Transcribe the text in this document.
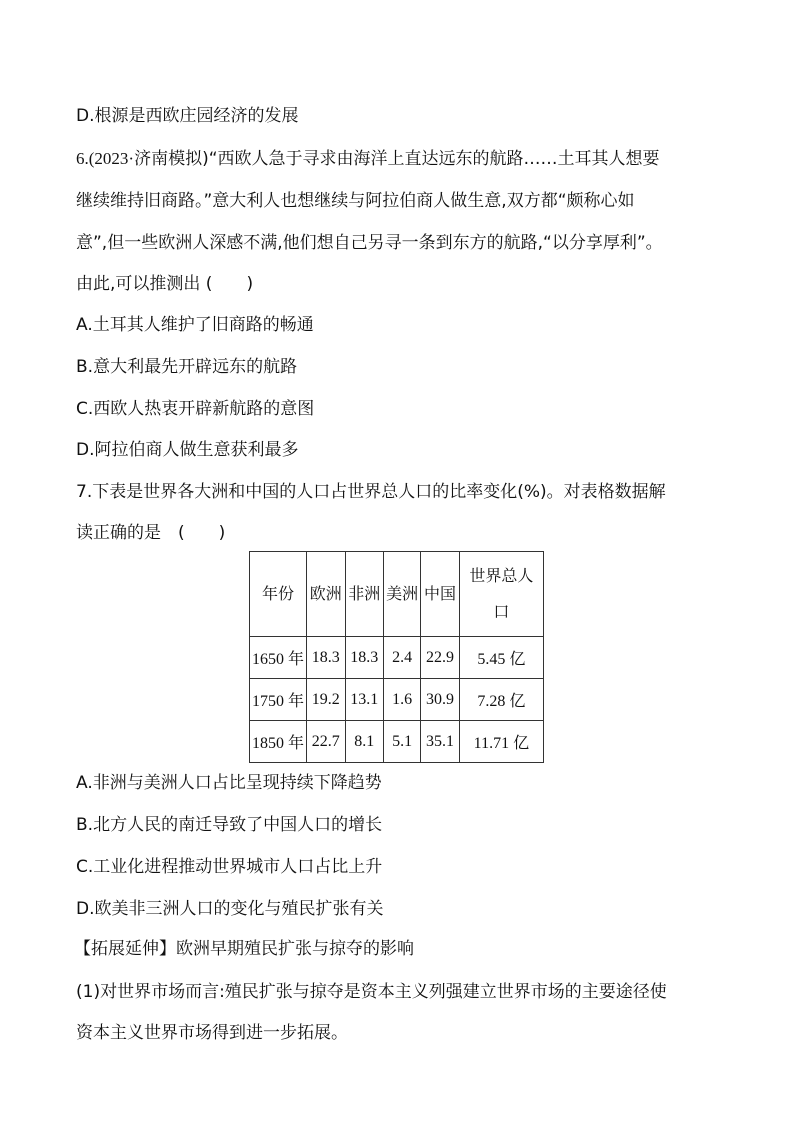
D.根源是西欧庄园经济的发展
6.(2023·济南模拟)“西欧人急于寻求由海洋上直达远东的航路……土耳其人想要
继续维持旧商路。”意大利人也想继续与阿拉伯商人做生意,双方都“颇称心如
意”,但一些欧洲人深感不满,他们想自己另寻一条到东方的航路,“以分享厚利”。
由此,可以推测出 (　　)
A.土耳其人维护了旧商路的畅通
B.意大利最先开辟远东的航路
C.西欧人热衷开辟新航路的意图
D.阿拉伯商人做生意获利最多
7.下表是世界各大洲和中国的人口占世界总人口的比率变化(%)。对表格数据解
读正确的是　(　　)
年份	欧洲	非洲	美洲	中国	世界总人口
1650 年	18.3	18.3	2.4	22.9	5.45 亿
1750 年	19.2	13.1	1.6	30.9	7.28 亿
1850 年	22.7	8.1	5.1	35.1	11.71 亿
A.非洲与美洲人口占比呈现持续下降趋势
B.北方人民的南迁导致了中国人口的增长
C.工业化进程推动世界城市人口占比上升
D.欧美非三洲人口的变化与殖民扩张有关
【拓展延伸】欧洲早期殖民扩张与掠夺的影响
(1)对世界市场而言:殖民扩张与掠夺是资本主义列强建立世界市场的主要途径使
资本主义世界市场得到进一步拓展。
